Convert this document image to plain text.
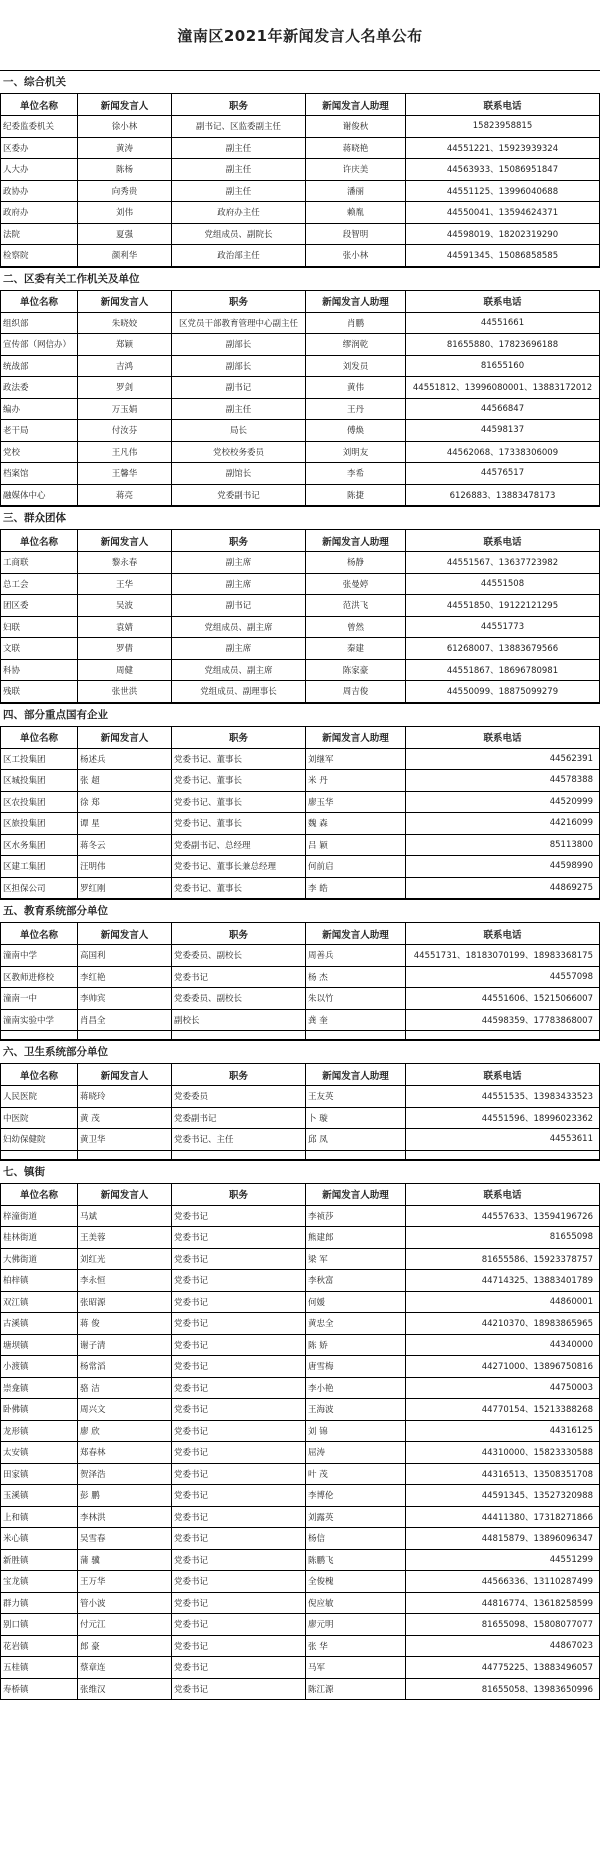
潼南区2021年新闻发言人名单公布
一、综合机关
单位名称	新闻发言人	职务	新闻发言人助理	联系电话
纪委监委机关	徐小林	副书记、区监委副主任	谢俊秋	15823958815
区委办	黄涛	副主任	蒋晓艳	44551221、15923939324
人大办	陈杨	副主任	许庆美	44563933、15086951847
政协办	向秀贵	副主任	潘丽	44551125、13996040688
政府办	刘伟	政府办主任	赖胤	44550041、13594624371
法院	夏强	党组成员、副院长	段智明	44598019、18202319290
检察院	颜利华	政治部主任	张小林	44591345、15086858585
二、区委有关工作机关及单位
单位名称	新闻发言人	职务	新闻发言人助理	联系电话
组织部	朱晓姣	区党员干部教育管理中心副主任	肖鹏	44551661
宣传部（网信办）	郑颖	副部长	缪润乾	81655880、17823696188
统战部	吉鸿	副部长	刘发员	81655160
政法委	罗剑	副书记	黄伟	44551812、13996080001、13883172012
编办	万玉娟	副主任	王丹	44566847
老干局	付汝芬	局长	傅焕	44598137
党校	王凡伟	党校校务委员	刘明友	44562068、17338306009
档案馆	王馨华	副馆长	李希	44576517
融媒体中心	蒋亮	党委副书记	陈捷	6126883、13883478173
三、群众团体
单位名称	新闻发言人	职务	新闻发言人助理	联系电话
工商联	黎永春	副主席	杨静	44551567、13637723982
总工会	王华	副主席	张曼婷	44551508
团区委	吴波	副书记	范洪飞	44551850、19122121295
妇联	袁婧	党组成员、副主席	曾然	44551773
文联	罗倩	副主席	秦建	61268007、13883679566
科协	周健	党组成员、副主席	陈家豪	44551867、18696780981
残联	张世洪	党组成员、副理事长	周吉俊	44550099、18875099279
四、部分重点国有企业
单位名称	新闻发言人	职务	新闻发言人助理	联系电话
区工投集团	杨述兵	党委书记、董事长	刘继军	44562391
区城投集团	张 超	党委书记、董事长	米 丹	44578388
区农投集团	徐 郑	党委书记、董事长	廖玉华	44520999
区旅投集团	谭 星	党委书记、董事长	魏 森	44216099
区水务集团	蒋冬云	党委副书记、总经理	吕 颖	85113800
区建工集团	汪明伟	党委书记、董事长兼总经理	何前启	44598990
区担保公司	罗红刚	党委书记、董事长	李 皓	44869275
五、教育系统部分单位
单位名称	新闻发言人	职务	新闻发言人助理	联系电话
潼南中学	高国利	党委委员、副校长	周善兵	44551731、18183070199、18983368175
区教师进修校	李红艳	党委书记	杨 杰	44557098
潼南一中	李帅宾	党委委员、副校长	朱以竹	44551606、15215066007
潼南实验中学	肖昌全	副校长	龚 奎	44598359、17783868007

六、卫生系统部分单位
单位名称	新闻发言人	职务	新闻发言人助理	联系电话
人民医院	蒋晓玲	党委委员	王友英	44551535、13983433523
中医院	黄 茂	党委副书记	卜 璇	44551596、18996023362
妇幼保健院	黄卫华	党委书记、主任	邱 凤	44553611

七、镇街
单位名称	新闻发言人	职务	新闻发言人助理	联系电话
梓潼街道	马斌	党委书记	李祯莎	44557633、13594196726
桂林街道	王美蓉	党委书记	熊建郎	81655098
大佛街道	刘红光	党委书记	梁 军	81655586、15923378757
柏梓镇	李永恒	党委书记	李秋富	44714325、13883401789
双江镇	张昭源	党委书记	何媛	44860001
古溪镇	蒋 俊	党委书记	黄忠全	44210370、18983865965
塘坝镇	谢子清	党委书记	陈 娇	44340000
小渡镇	杨常滔	党委书记	唐雪梅	44271000、13896750816
崇龛镇	骆 洁	党委书记	李小艳	44750003
卧佛镇	周兴文	党委书记	王海波	44770154、15213388268
龙形镇	廖 欣	党委书记	刘 锦	44316125
太安镇	郑春林	党委书记	屈涛	44310000、15823330588
田家镇	贺泽浩	党委书记	叶 茂	44316513、13508351708
玉溪镇	彭 鹏	党委书记	李博伦	44591345、13527320988
上和镇	李林洪	党委书记	刘露英	44411380、17318271866
米心镇	吴雪春	党委书记	杨信	44815879、13896096347
新胜镇	蒲 骥	党委书记	陈鹏飞	44551299
宝龙镇	王万华	党委书记	全俊槐	44566336、13110287499
群力镇	管小波	党委书记	倪应敏	44816774、13618258599
别口镇	付元江	党委书记	廖元明	81655098、15808077077
花岩镇	郎 豪	党委书记	张 华	44867023
五桂镇	蔡章连	党委书记	马军	44775225、13883496057
寿桥镇	张维汉	党委书记	陈江源	81655058、13983650996
